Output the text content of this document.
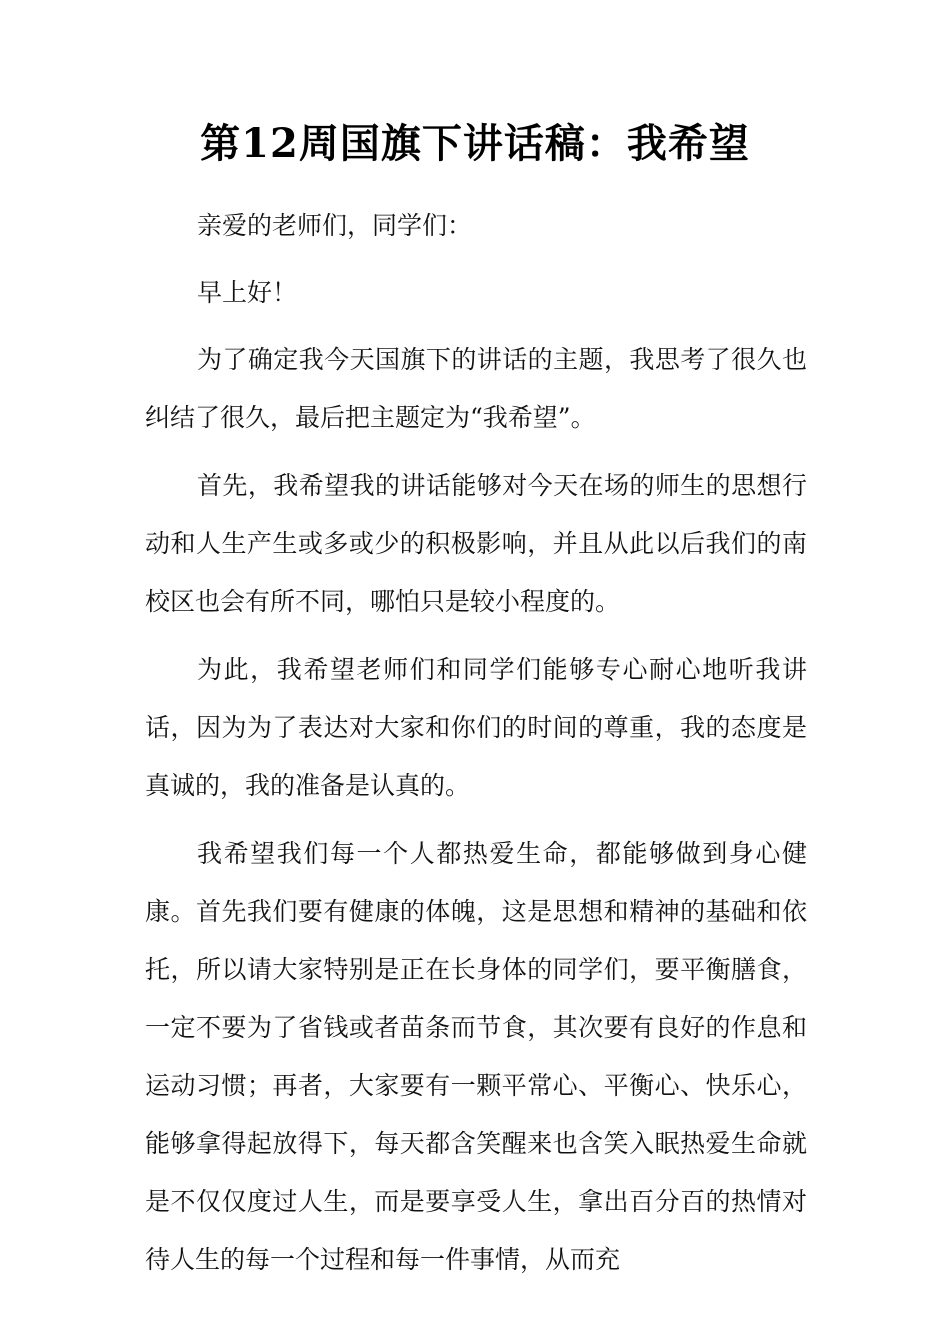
第12周国旗下讲话稿：我希望

亲爱的老师们，同学们：

早上好！

为了确定我今天国旗下的讲话的主题，我思考了很久也纠结了很久，最后把主题定为“我希望”。

首先，我希望我的讲话能够对今天在场的师生的思想行动和人生产生或多或少的积极影响，并且从此以后我们的南校区也会有所不同，哪怕只是较小程度的。

为此，我希望老师们和同学们能够专心耐心地听我讲话，因为为了表达对大家和你们的时间的尊重，我的态度是真诚的，我的准备是认真的。

我希望我们每一个人都热爱生命，都能够做到身心健康。首先我们要有健康的体魄，这是思想和精神的基础和依托，所以请大家特别是正在长身体的同学们，要平衡膳食，一定不要为了省钱或者苗条而节食，其次要有良好的作息和运动习惯；再者，大家要有一颗平常心、平衡心、快乐心，能够拿得起放得下，每天都含笑醒来也含笑入眠热爱生命就是不仅仅度过人生，而是要享受人生，拿出百分百的热情对待人生的每一个过程和每一件事情，从而充
